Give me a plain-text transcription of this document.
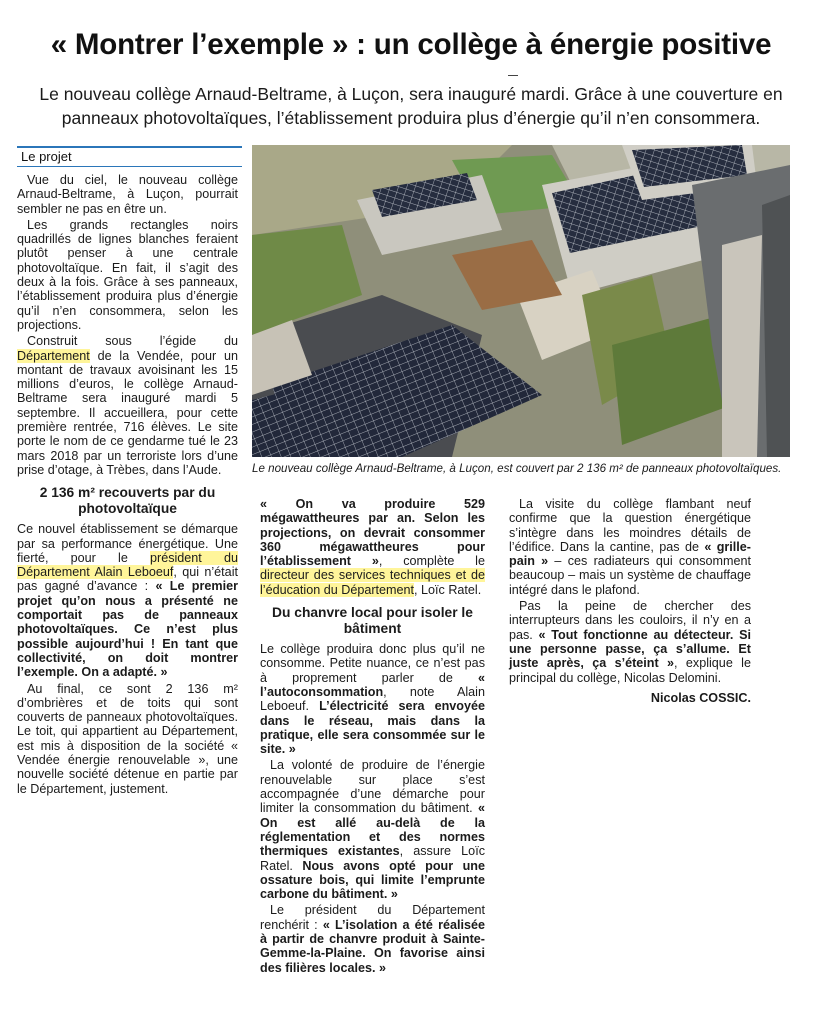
« Montrer l’exemple » : un collège à énergie positive
Le nouveau collège Arnaud-Beltrame, à Luçon, sera inauguré mardi. Grâce à une couverture en panneaux photovoltaïques, l’établissement produira plus d’énergie qu’il n’en consommera.
Le projet

Vue du ciel, le nouveau collège Arnaud-Beltrame, à Luçon, pourrait sembler ne pas en être un.

Les grands rectangles noirs quadrillés de lignes blanches feraient plutôt penser à une centrale photovoltaïque. En fait, il s’agit des deux à la fois. Grâce à ses panneaux, l’établissement produira plus d’énergie qu’il n’en consommera, selon les projections.

Construit sous l’égide du Département de la Vendée, pour un montant de travaux avoisinant les 15 millions d’euros, le collège Arnaud-Beltrame sera inauguré mardi 5 septembre. Il accueillera, pour cette première rentrée, 716 élèves. Le site porte le nom de ce gendarme tué le 23 mars 2018 par un terroriste lors d’une prise d’otage, à Trèbes, dans l’Aude.

2 136 m² recouverts par du photovoltaïque

Ce nouvel établissement se démarque par sa performance énergétique. Une fierté, pour le président du Département Alain Leboeuf, qui n’était pas gagné d’avance : « Le premier projet qu’on nous a présenté ne comportait pas de panneaux photovoltaïques. Ce n’est plus possible aujourd’hui ! En tant que collectivité, on doit montrer l’exemple. On a adapté. »

Au final, ce sont 2 136 m² d’ombrières et de toits qui sont couverts de panneaux photovoltaïques. Le toit, qui appartient au Département, est mis à disposition de la société « Vendée énergie renouvelable », une nouvelle société détenue en partie par le Département, justement.

Le nouveau collège Arnaud-Beltrame, à Luçon, est couvert par 2 136 m² de panneaux photovoltaïques.

« On va produire 529 mégawattheures par an. Selon les projections, on devrait consommer 360 mégawattheures pour l’établissement », complète le directeur des services techniques et de l’éducation du Département, Loïc Ratel.

Du chanvre local pour isoler le bâtiment

Le collège produira donc plus qu’il ne consomme. Petite nuance, ce n’est pas à proprement parler de « l’autoconsommation, note Alain Leboeuf. L’électricité sera envoyée dans le réseau, mais dans la pratique, elle sera consommée sur le site. »

La volonté de produire de l’énergie renouvelable sur place s’est accompagnée d’une démarche pour limiter la consommation du bâtiment. « On est allé au-delà de la réglementation et des normes thermiques existantes, assure Loïc Ratel. Nous avons opté pour une ossature bois, qui limite l’emprunte carbone du bâtiment. »

Le président du Département renchérit : « L’isolation a été réalisée à partir de chanvre produit à Sainte-Gemme-la-Plaine. On favorise ainsi des filières locales. »

La visite du collège flambant neuf confirme que la question énergétique s’intègre dans les moindres détails de l’édifice. Dans la cantine, pas de « grille-pain » – ces radiateurs qui consomment beaucoup – mais un système de chauffage intégré dans le plafond.

Pas la peine de chercher des interrupteurs dans les couloirs, il n’y en a pas. « Tout fonctionne au détecteur. Si une personne passe, ça s’allume. Et juste après, ça s’éteint », explique le principal du collège, Nicolas Delomini.

Nicolas COSSIC.
